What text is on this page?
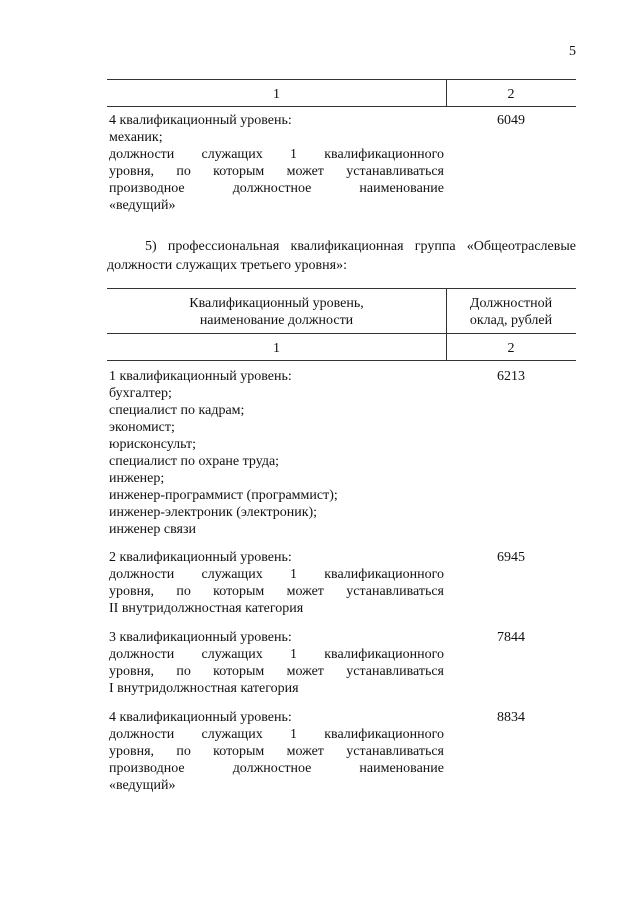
5
1	2
4 квалификационный уровень:
механик;
должности служащих 1 квалификационного
уровня, по которым может устанавливаться
производное должностное наименование
«ведущий»
6049
5) профессиональная квалификационная группа «Общеотраслевые
должности служащих третьего уровня»:
Квалификационный уровень,
наименование должности
Должностной
оклад, рублей
1	2
1 квалификационный уровень:
бухгалтер;
специалист по кадрам;
экономист;
юрисконсульт;
специалист по охране труда;
инженер;
инженер-программист (программист);
инженер-электроник (электроник);
инженер связи
6213
2 квалификационный уровень:
должности служащих 1 квалификационного
уровня, по которым может устанавливаться
II внутридолжностная категория
6945
3 квалификационный уровень:
должности служащих 1 квалификационного
уровня, по которым может устанавливаться
I внутридолжностная категория
7844
4 квалификационный уровень:
должности служащих 1 квалификационного
уровня, по которым может устанавливаться
производное должностное наименование
«ведущий»
8834
